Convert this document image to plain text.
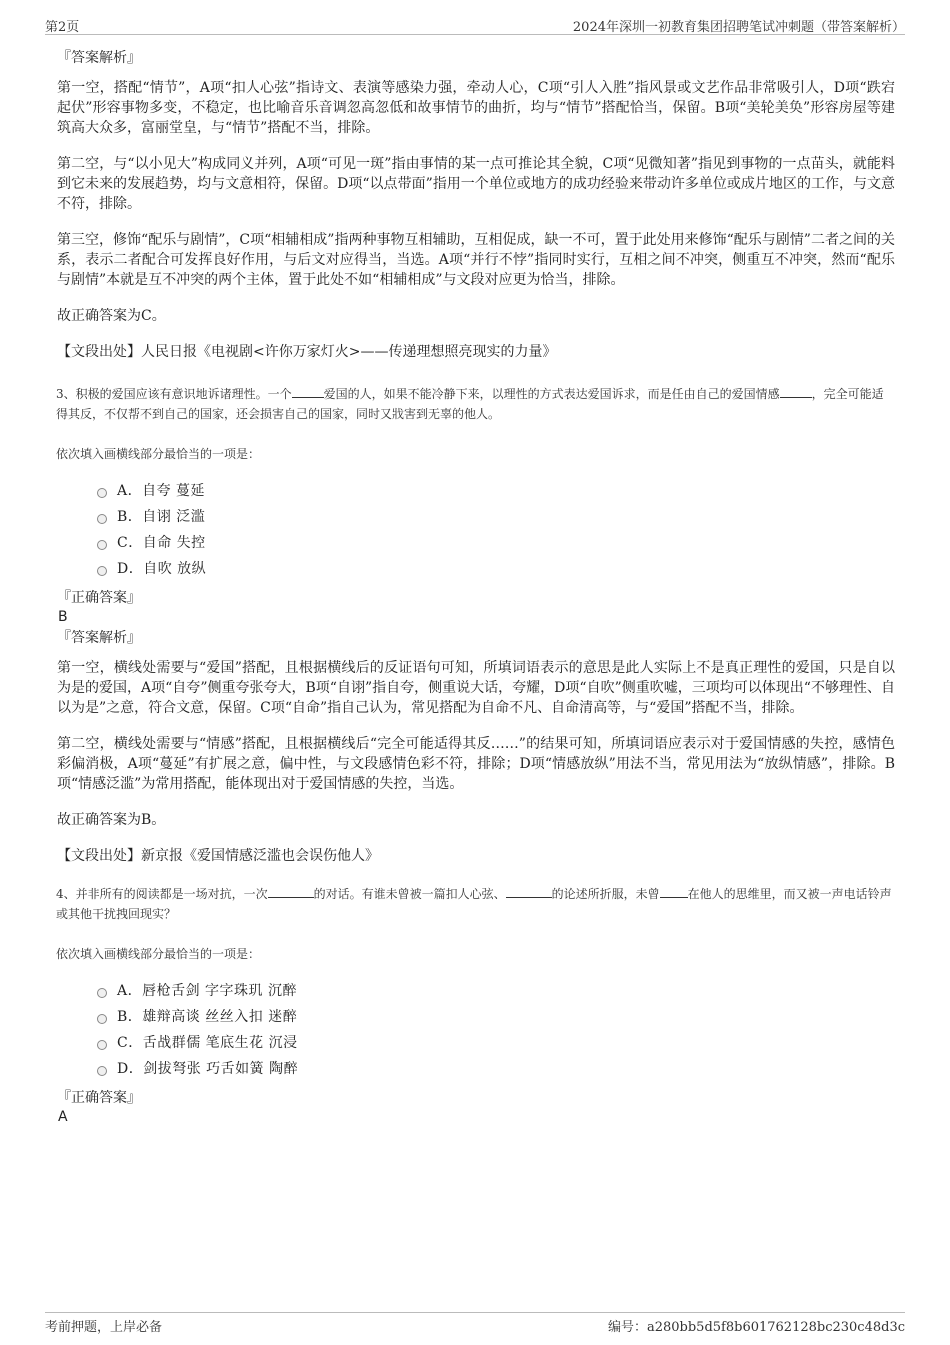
第2页	2024年深圳一初教育集团招聘笔试冲刺题（带答案解析）
『答案解析』
第一空，搭配“情节”，A项“扣人心弦”指诗文、表演等感染力强，牵动人心，C项“引人入胜”指风景或文艺作品非常吸引人，D项“跌宕起伏”形容事物多变，不稳定，也比喻音乐音调忽高忽低和故事情节的曲折，均与“情节”搭配恰当，保留。B项“美轮美奂”形容房屋等建筑高大众多，富丽堂皇，与“情节”搭配不当，排除。
第二空，与“以小见大”构成同义并列，A项“可见一斑”指由事情的某一点可推论其全貌，C项“见微知著”指见到事物的一点苗头，就能料到它未来的发展趋势，均与文意相符，保留。D项“以点带面”指用一个单位或地方的成功经验来带动许多单位或成片地区的工作，与文意不符，排除。
第三空，修饰“配乐与剧情”，C项“相辅相成”指两种事物互相辅助，互相促成，缺一不可，置于此处用来修饰“配乐与剧情”二者之间的关系，表示二者配合可发挥良好作用，与后文对应得当，当选。A项“并行不悖”指同时实行，互相之间不冲突，侧重互不冲突，然而“配乐与剧情”本就是互不冲突的两个主体，置于此处不如“相辅相成”与文段对应更为恰当，排除。
故正确答案为C。
【文段出处】人民日报《电视剧<许你万家灯火>——传递理想照亮现实的力量》
3、积极的爱国应该有意识地诉诸理性。一个	爱国的人，如果不能冷静下来，以理性的方式表达爱国诉求，而是任由自己的爱国情感	，完全可能适得其反，不仅帮不到自己的国家，还会损害自己的国家，同时又戕害到无辜的他人。
依次填入画横线部分最恰当的一项是：
A．自夸 蔓延
B．自诩 泛滥
C．自命 失控
D．自吹 放纵
『正确答案』
B
『答案解析』
第一空，横线处需要与“爱国”搭配，且根据横线后的反证语句可知，所填词语表示的意思是此人实际上不是真正理性的爱国，只是自以为是的爱国，A项“自夸”侧重夸张夸大，B项“自诩”指自夸，侧重说大话，夸耀，D项“自吹”侧重吹嘘，三项均可以体现出“不够理性、自以为是”之意，符合文意，保留。C项“自命”指自己认为，常见搭配为自命不凡、自命清高等，与“爱国”搭配不当，排除。
第二空，横线处需要与“情感”搭配，且根据横线后“完全可能适得其反……”的结果可知，所填词语应表示对于爱国情感的失控，感情色彩偏消极，A项“蔓延”有扩展之意，偏中性，与文段感情色彩不符，排除；D项“情感放纵”用法不当，常见用法为“放纵情感”，排除。B项“情感泛滥”为常用搭配，能体现出对于爱国情感的失控，当选。
故正确答案为B。
【文段出处】新京报《爱国情感泛滥也会误伤他人》
4、并非所有的阅读都是一场对抗，一次	的对话。有谁未曾被一篇扣人心弦、	的论述所折服，未曾 在他人的思维里，而又被一声电话铃声或其他干扰拽回现实？
依次填入画横线部分最恰当的一项是：
A．唇枪舌剑 字字珠玑 沉醉
B．雄辩高谈 丝丝入扣 迷醉
C．舌战群儒 笔底生花 沉浸
D．剑拔弩张 巧舌如簧 陶醉
『正确答案』
A
考前押题，上岸必备	编号：a280bb5d5f8b601762128bc230c48d3c
